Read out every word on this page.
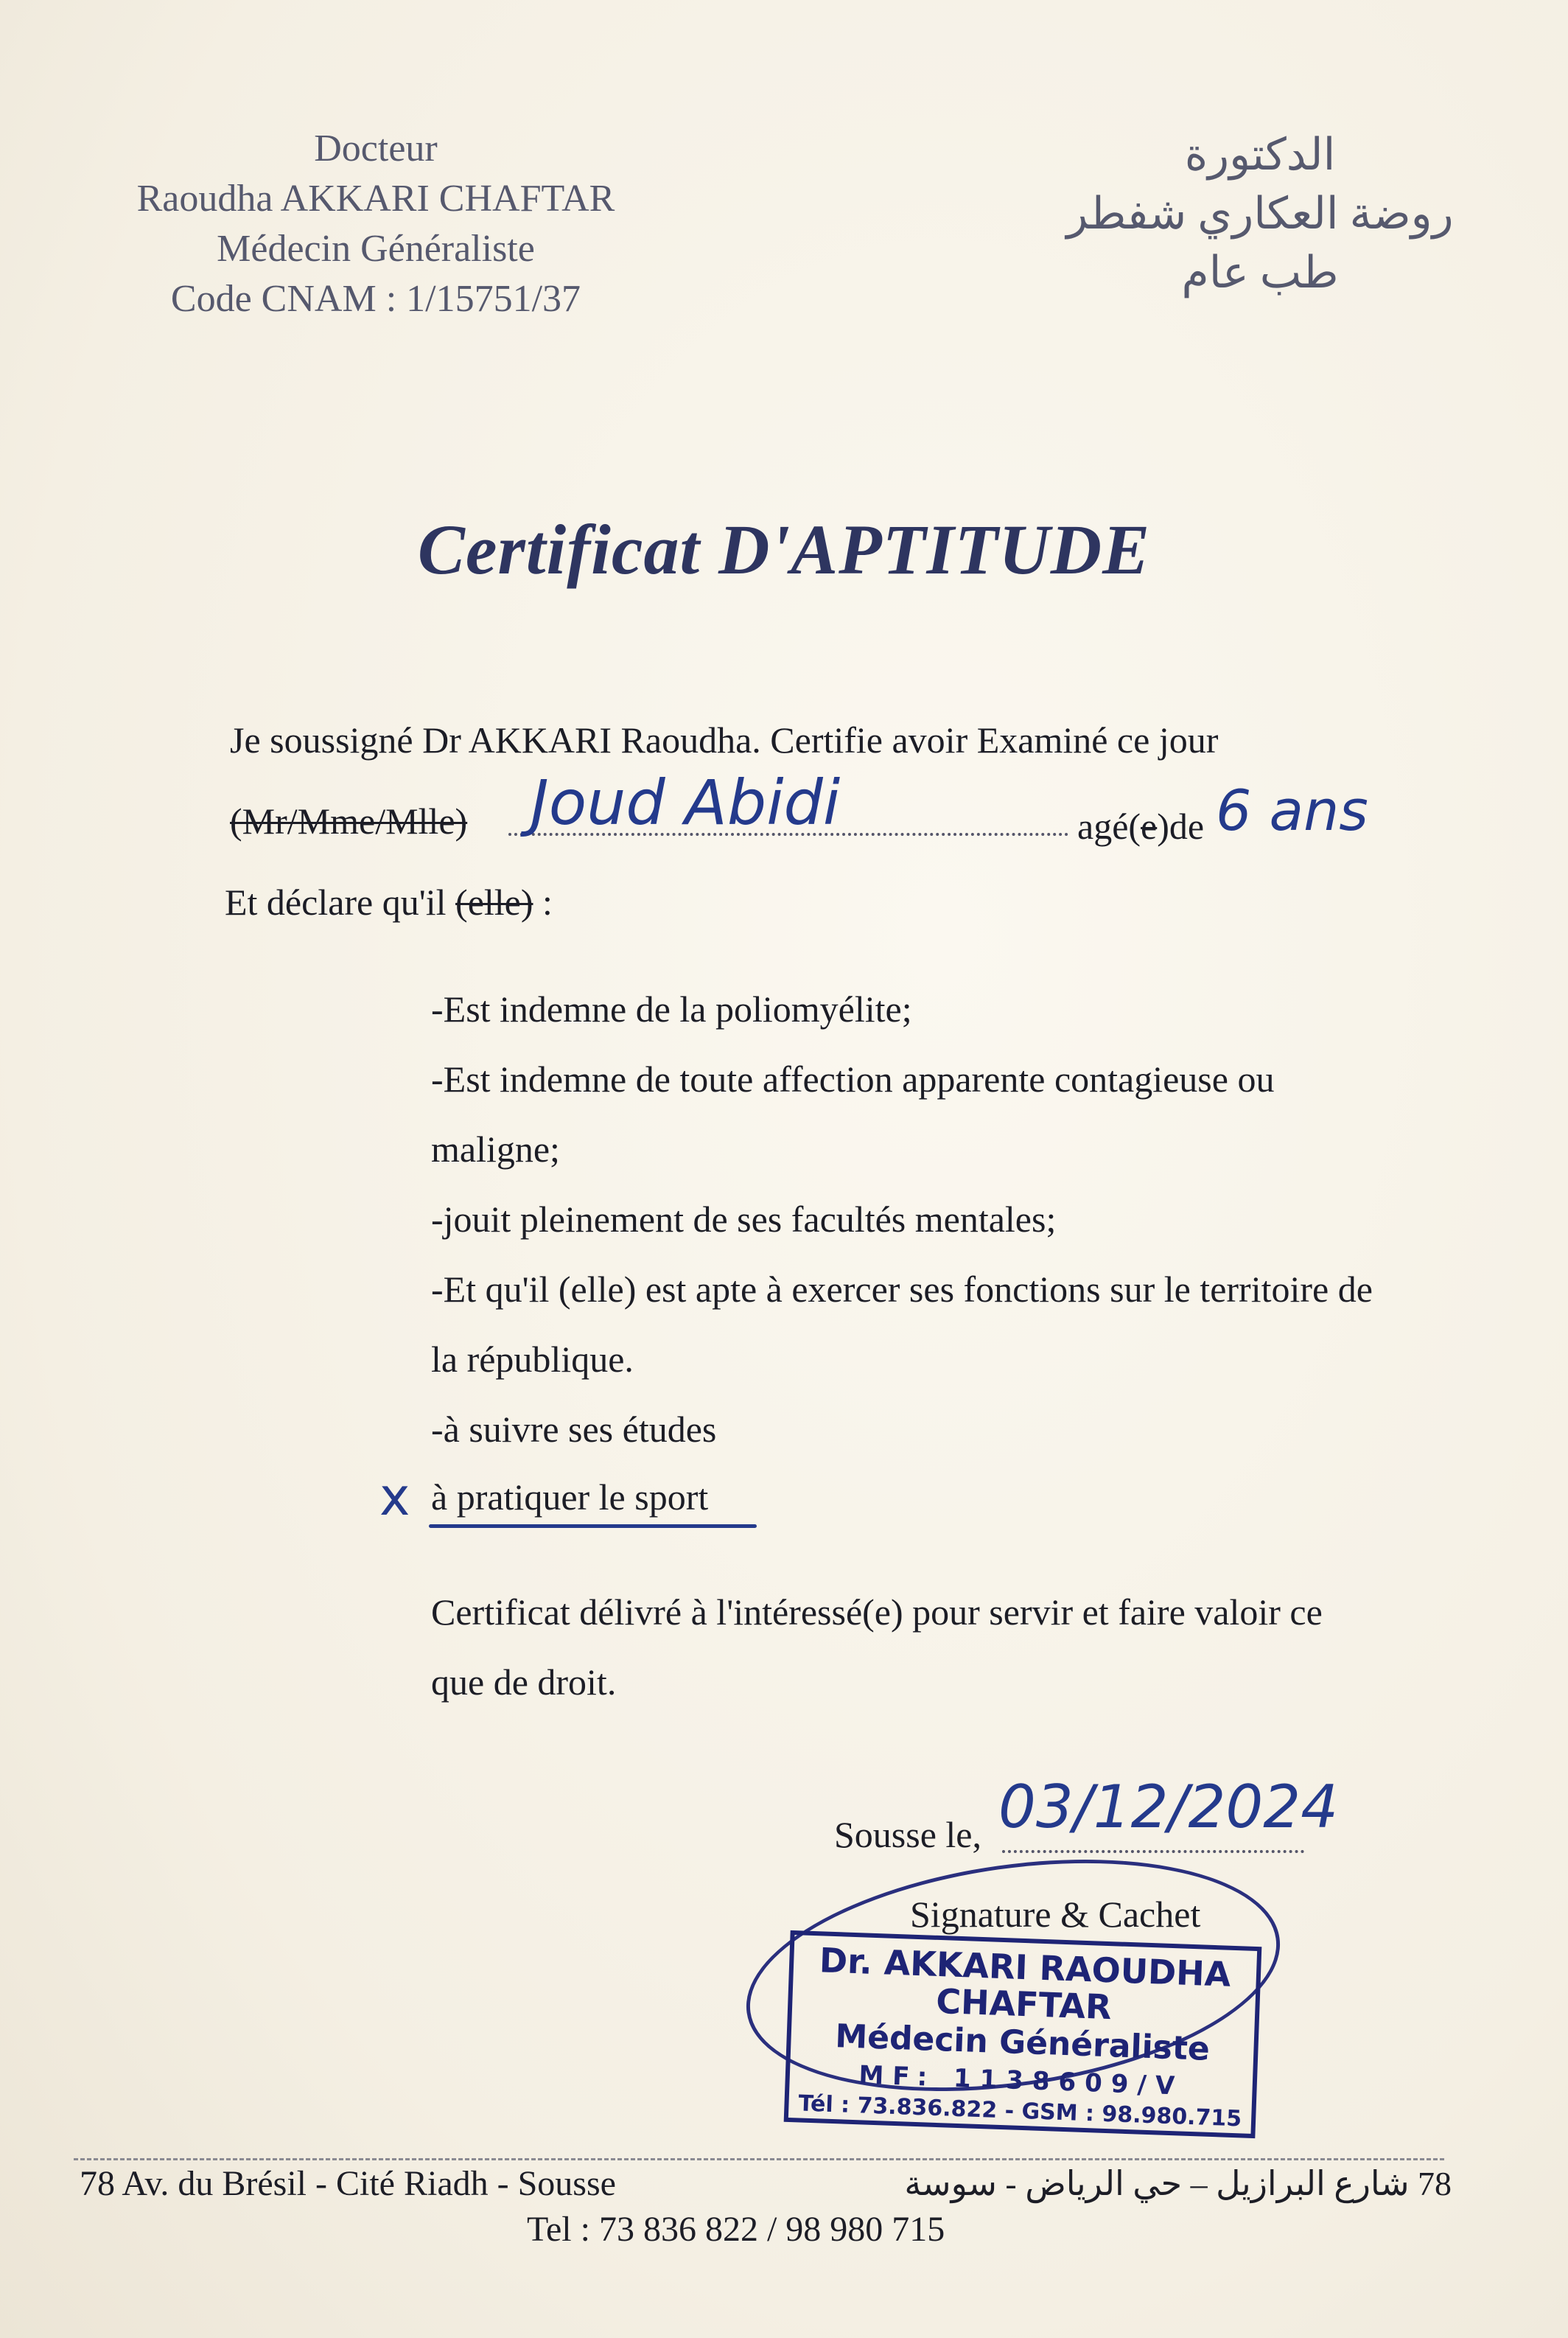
Docteur
Raoudha AKKARI CHAFTAR
Médecin Généraliste
Code CNAM : 1/15751/37
الدكتورة
روضة العكاري شفطر
طب عام
Certificat D'APTITUDE
Je soussigné Dr AKKARI Raoudha. Certifie avoir Examiné ce jour
(Mr/Mme/Mlle) Joud Abidi	agé(e)de 6 ans
Et déclare qu'il (elle) :
-Est indemne de la poliomyélite;
-Est indemne de toute affection apparente contagieuse ou
maligne;
-jouit pleinement de ses facultés mentales;
-Et qu'il (elle) est apte à exercer ses fonctions sur le territoire de
la république.
-à suivre ses études
x à pratiquer le sport
Certificat délivré à l'intéressé(e) pour servir et faire valoir ce
que de droit.
Sousse le, 03/12/2024
Signature & Cachet
Dr. AKKARI RAOUDHA
CHAFTAR
Médecin Généraliste
MF: 1138609/V
Tél : 73.836.822 - GSM : 98.980.715
78 Av. du Brésil - Cité Riadh - Sousse	78 شارع البرازيل – حي الرياض - سوسة
Tel : 73 836 822 / 98 980 715
